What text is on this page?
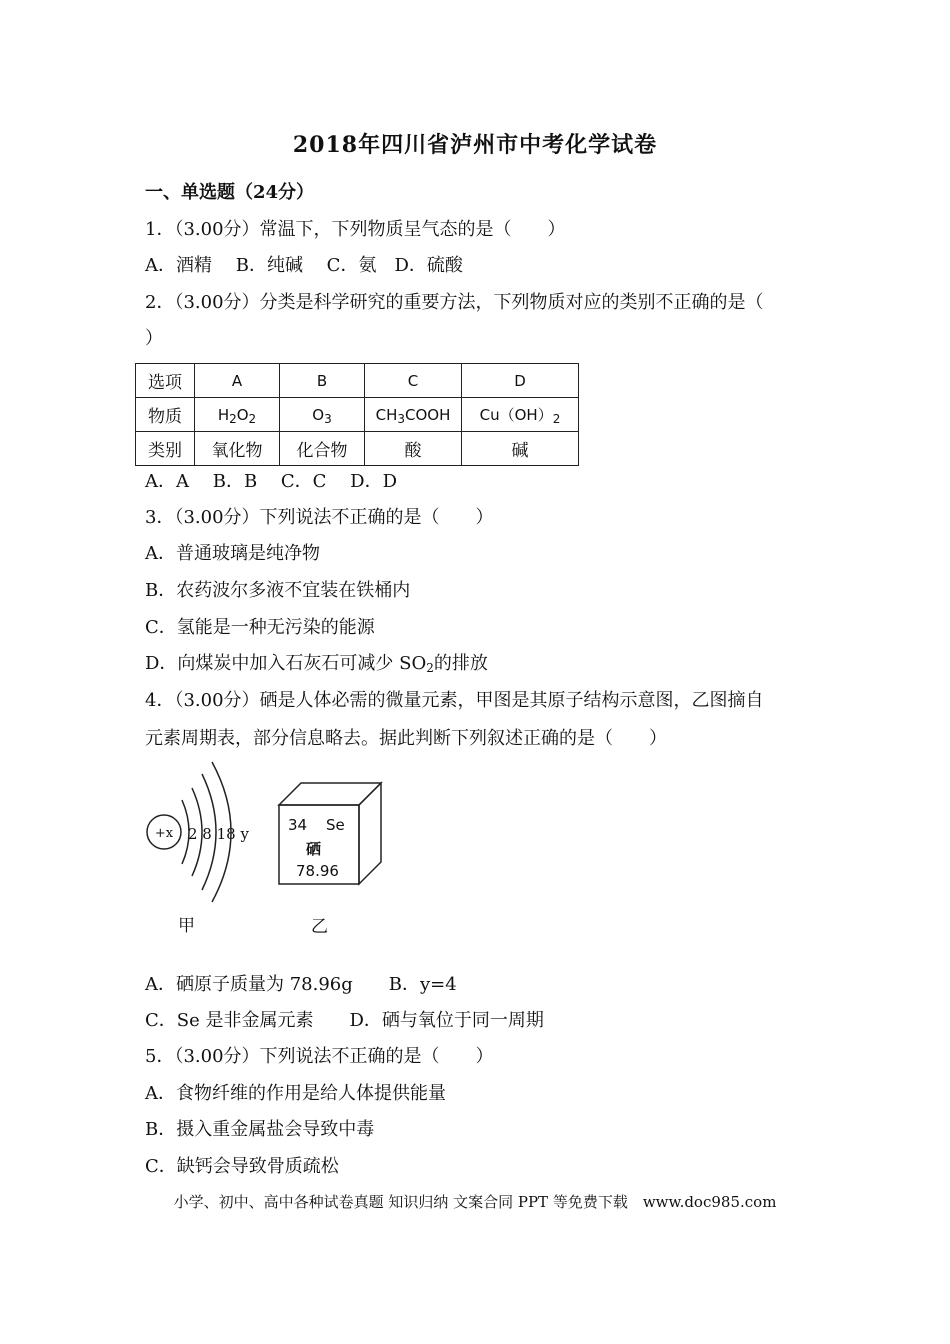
2018年四川省泸州市中考化学试卷
一、单选题（24分）
1．（3.00分）常温下，下列物质呈气态的是（　　）
A．酒精　 B．纯碱　 C．氨　D．硫酸
2．（3.00分）分类是科学研究的重要方法，下列物质对应的类别不正确的是（
）
选项	A	B	C	D
物质	$H_2O_2$	$O_3$	$CH_3COOH$	$Cu(OH)_2$
类别	氧化物	化合物	酸	碱
A．A　 B．B　 C．C　 D．D
3．（3.00分）下列说法不正确的是（　　）
A．普通玻璃是纯净物
B．农药波尔多液不宜装在铁桶内
C．氢能是一种无污染的能源
D．向煤炭中加入石灰石可减少 $SO_2$的排放
4．（3.00分）硒是人体必需的微量元素，甲图是其原子结构示意图，乙图摘自
元素周期表，部分信息略去。据此判断下列叙述正确的是（　　）
+x 2 8 18 y
甲
34 Se
硒
78.96
乙
A．硒原子质量为 78.96g　　B．y=4
C．Se 是非金属元素　　D．硒与氧位于同一周期
5．（3.00分）下列说法不正确的是（　　）
A．食物纤维的作用是给人体提供能量
B．摄入重金属盐会导致中毒
C．缺钙会导致骨质疏松
小学、初中、高中各种试卷真题 知识归纳 文案合同 PPT 等免费下载　www.doc985.com
